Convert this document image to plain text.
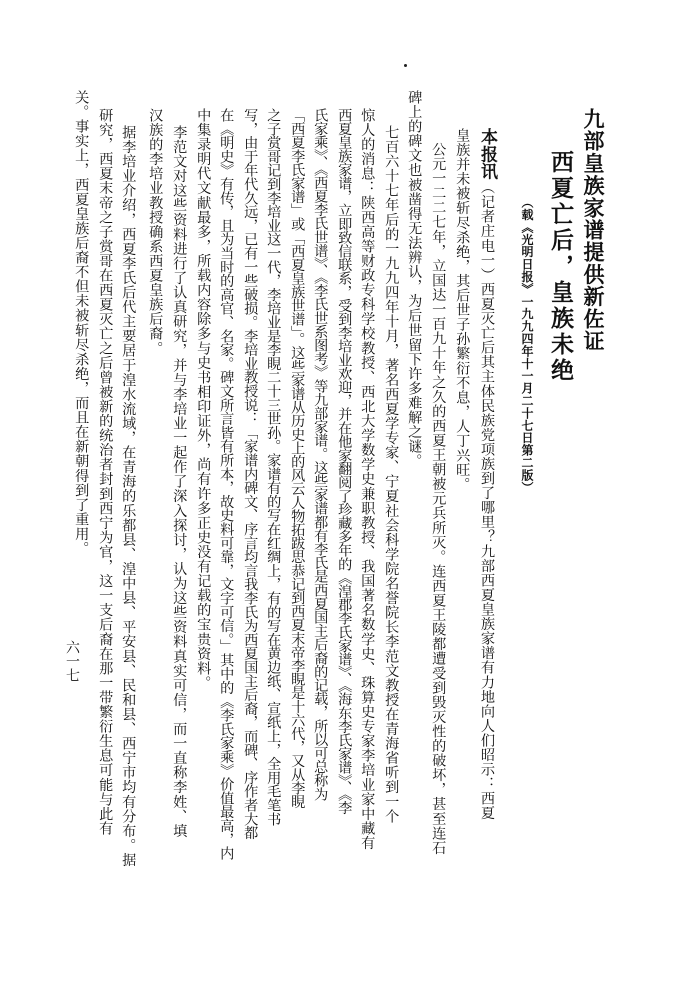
九部皇族家谱提供新佐证
西夏亡后，皇族未绝
（载《光明日报》一九九四年十一月二十七日第二版）
本报讯（记者庄电一）西夏灭亡后其主体民族党项族到了哪里？九部西夏皇族家谱有力地向人们昭示：西夏
皇族并未被斩尽杀绝，其后世子孙繁衍不息，人丁兴旺。
公元一二二七年，立国达一百九十年之久的西夏王朝被元兵所灭。连西夏王陵都遭受到毁灭性的破坏，甚至连石
碑上的碑文也被凿得无法辨认，为后世留下许多难解之谜。
七百六十七年后的一九九四年十月，著名西夏学专家、宁夏社会科学院名誉院长李范文教授在青海省听到一个
惊人的消息：陕西高等财政专科学校教授、西北大学数学史兼职教授、我国著名数学史、珠算史专家李培业家中藏有
西夏皇族家谱，立即致信联系，受到李培业欢迎，并在他家翻阅了珍藏多年的《湟郡李氏家谱》、《海东李氏家谱》、《李
氏家乘》、《西夏李氏世谱》、《李氏世系图考》等九部家谱。这些家谱都有李氏是西夏国主后裔的记载，所以可总称为
「西夏李氏家谱」或「西夏皇族世谱」。这些家谱从历史上的风云人物拓跋思恭记到西夏末帝李睍是十六代，又从李睍
之子赏哥记到李培业这一代，李培业是李睍二十三世孙。家谱有的写在红绸上，有的写在黄边纸、宣纸上，全用毛笔书
写，由于年代久远，已有一些破损。李培业教授说：「家谱内碑文、序言均言我李氏为西夏国主后裔，而碑、序作者大都
在《明史》有传，且为当时的高官、名家。碑文所言皆有所本，故史料可靠，文字可信。」其中的《李氏家乘》价值最高，内
中集录明代文献最多，所载内容除多与史书相印证外，尚有许多正史没有记载的宝贵资料。
李范文对这些资料进行了认真研究，并与李培业一起作了深入探讨，认为这些资料真实可信，而一直称李姓、填
汉族的李培业教授确系西夏皇族后裔。
据李培业介绍，西夏李氏后代主要居于湟水流域，在青海的乐都县、湟中县、平安县、民和县、西宁市均有分布。据
研究，西夏末帝之子赏哥在西夏灭亡之后曾被新的统治者封到西宁为官，这一支后裔在那一带繁衍生息可能与此有
关。事实上，西夏皇族后裔不但未被斩尽杀绝，而且在新朝得到了重用。
六一七
